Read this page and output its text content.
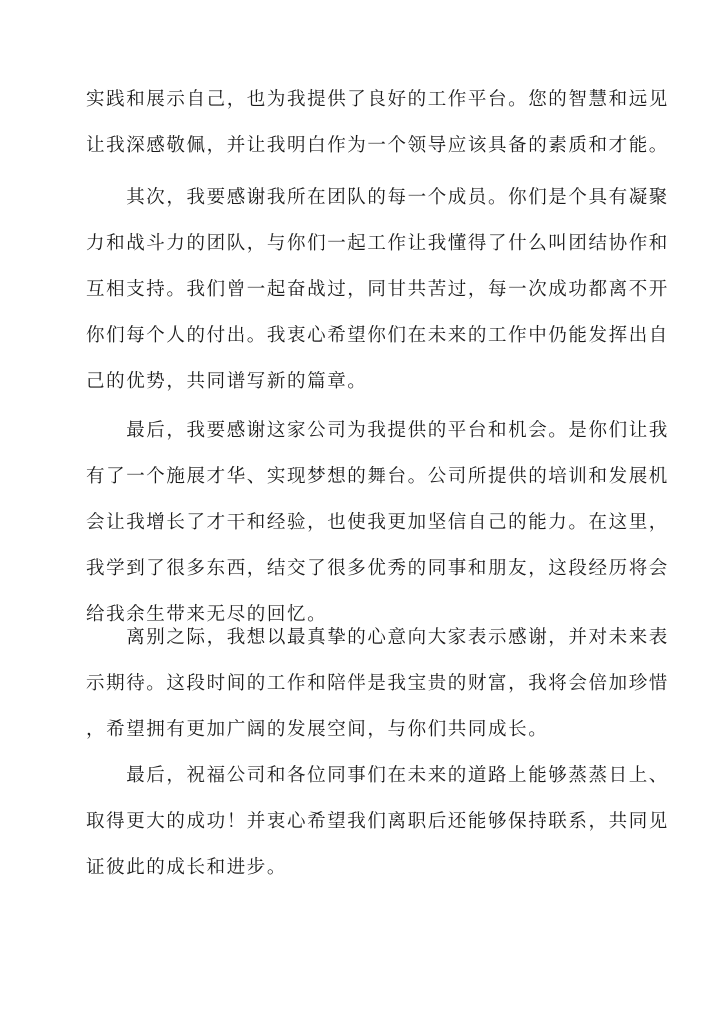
实践和展示自己，也为我提供了良好的工作平台。您的智慧和远见
让我深感敬佩，并让我明白作为一个领导应该具备的素质和才能。
　　其次，我要感谢我所在团队的每一个成员。你们是个具有凝聚
力和战斗力的团队，与你们一起工作让我懂得了什么叫团结协作和
互相支持。我们曾一起奋战过，同甘共苦过，每一次成功都离不开
你们每个人的付出。我衷心希望你们在未来的工作中仍能发挥出自
己的优势，共同谱写新的篇章。
　　最后，我要感谢这家公司为我提供的平台和机会。是你们让我
有了一个施展才华、实现梦想的舞台。公司所提供的培训和发展机
会让我增长了才干和经验，也使我更加坚信自己的能力。在这里，
我学到了很多东西，结交了很多优秀的同事和朋友，这段经历将会
给我余生带来无尽的回忆。
　　离别之际，我想以最真挚的心意向大家表示感谢，并对未来表
示期待。这段时间的工作和陪伴是我宝贵的财富，我将会倍加珍惜
，希望拥有更加广阔的发展空间，与你们共同成长。
　　最后，祝福公司和各位同事们在未来的道路上能够蒸蒸日上、
取得更大的成功！并衷心希望我们离职后还能够保持联系，共同见
证彼此的成长和进步。
